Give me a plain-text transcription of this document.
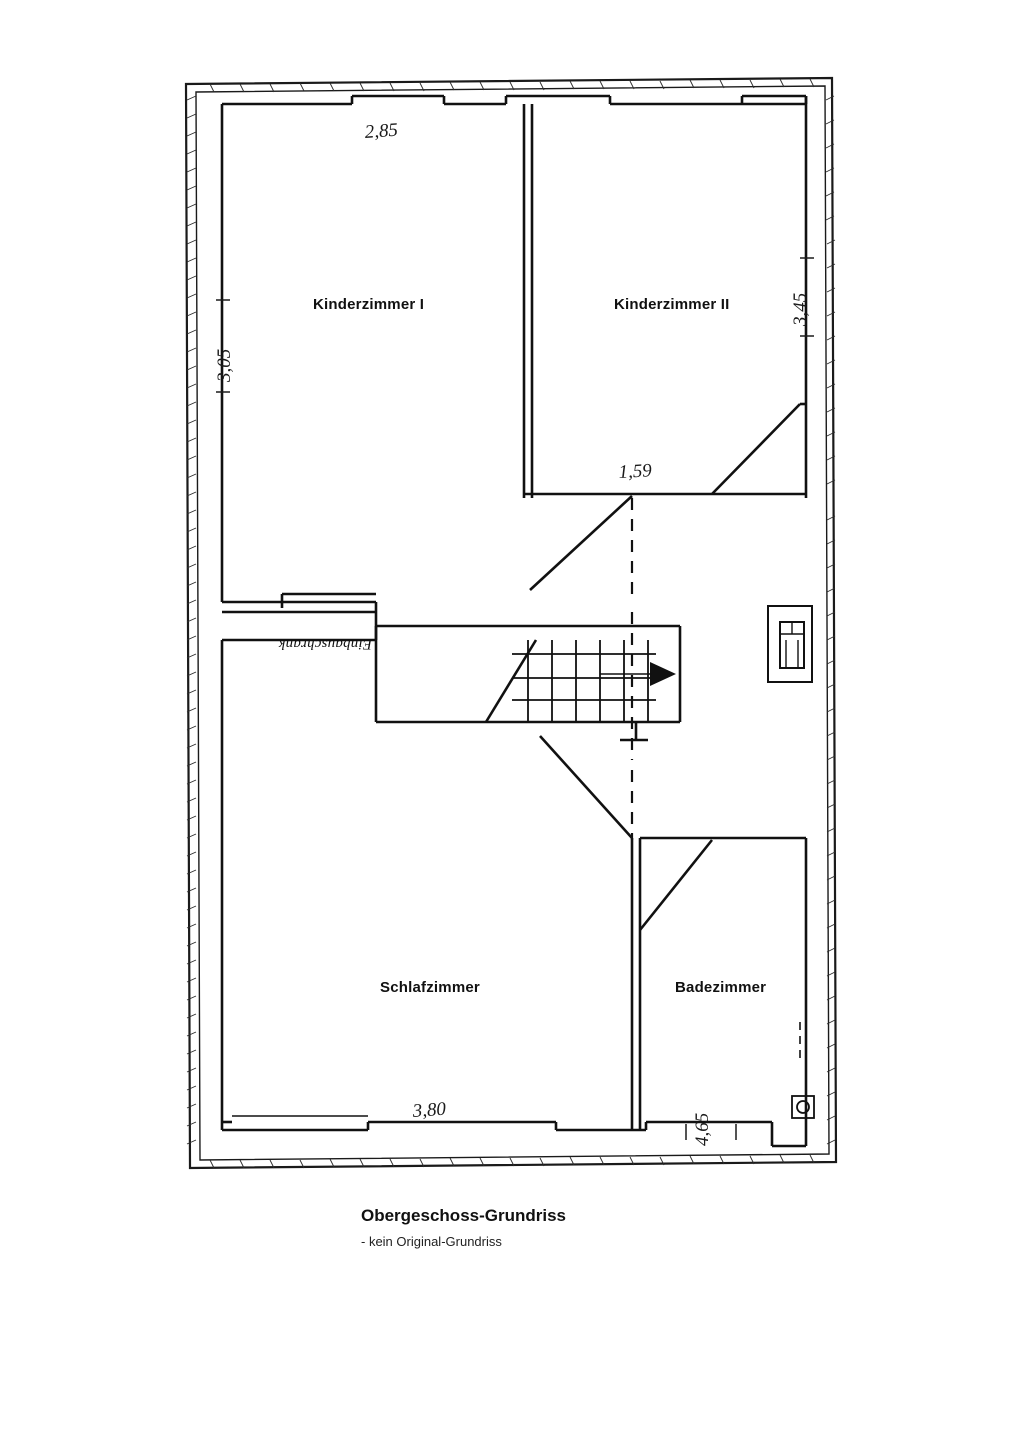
Kinderzimmer I	Kinderzimmer II
Schlafzimmer	Badezimmer
Einbauschrank
2,85
3,05
3,45
1,59
3,80
4,65
Obergeschoss-Grundriss
- kein Original-Grundriss
